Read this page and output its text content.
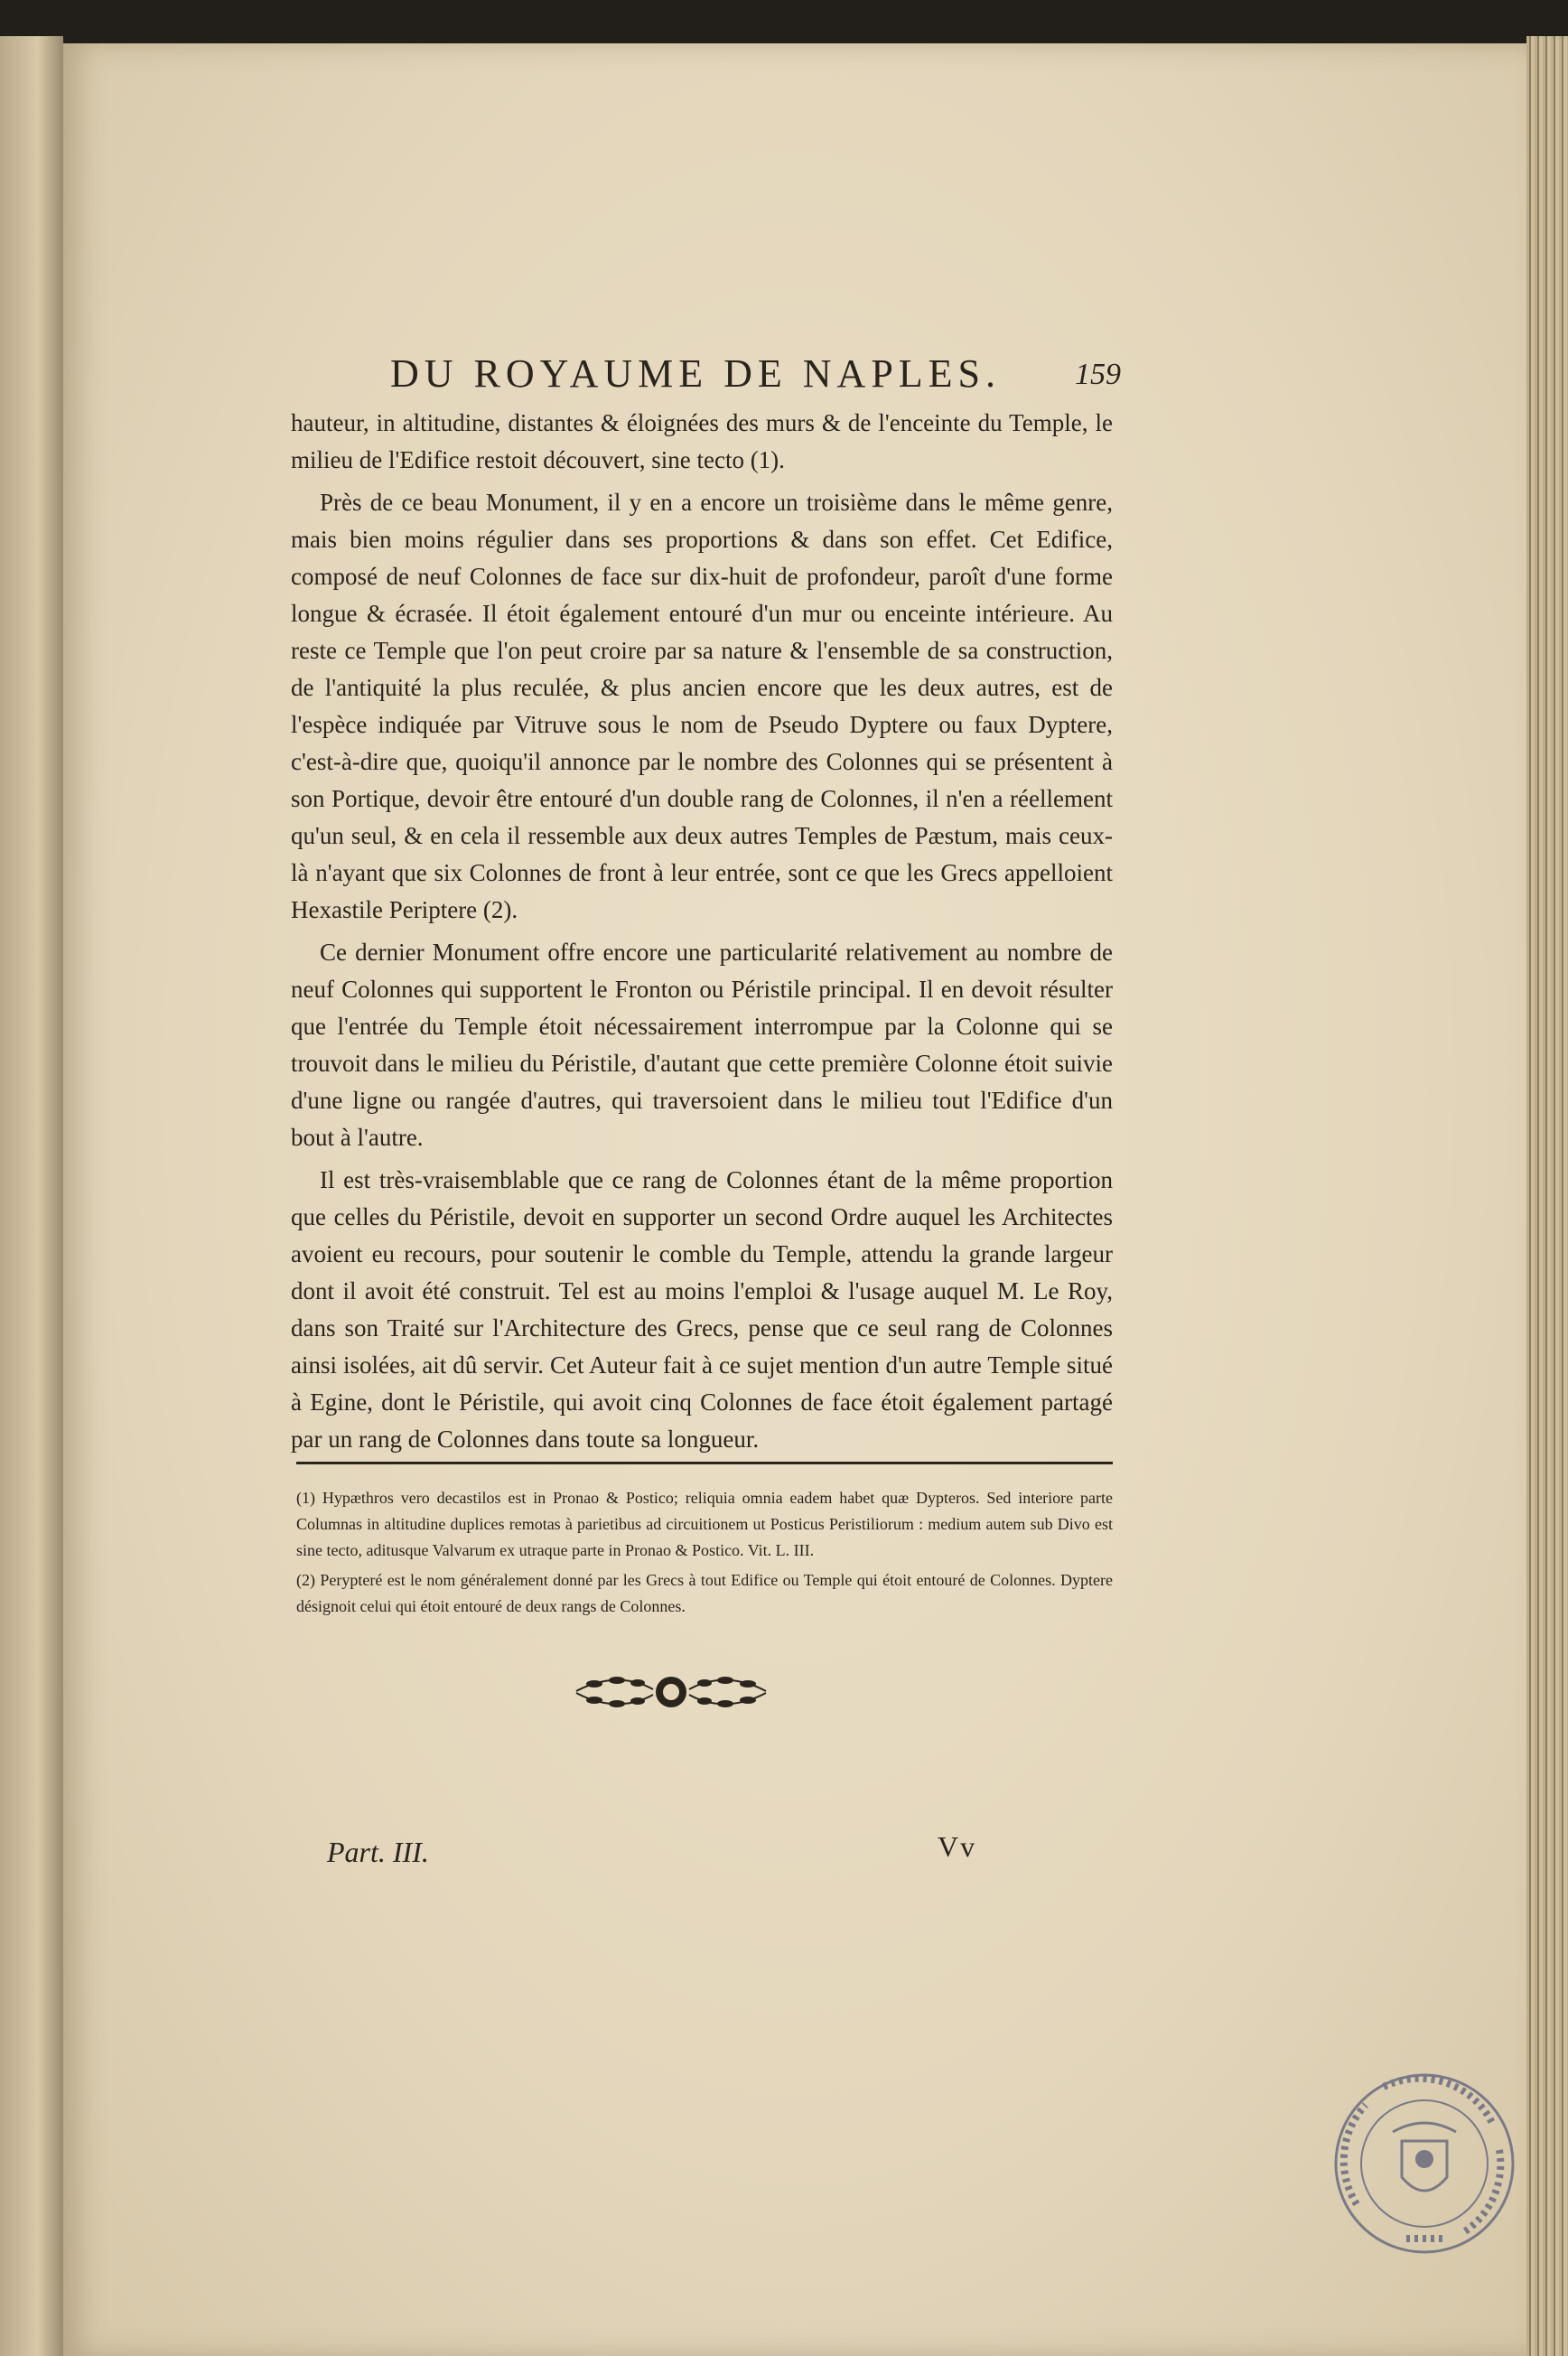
DU ROYAUME DE NAPLES. 159

hauteur, in altitudine, distantes & éloignées des murs & de l'enceinte du Temple, le milieu de l'Edifice restoit découvert, sine tecto (1).

Près de ce beau Monument, il y en a encore un troisième dans le même genre, mais bien moins régulier dans ses proportions & dans son effet. Cet Edifice, composé de neuf Colonnes de face sur dix-huit de profondeur, paroît d'une forme longue & écrasée. Il étoit également entouré d'un mur ou enceinte intérieure. Au reste ce Temple que l'on peut croire par sa nature & l'ensemble de sa construction, de l'antiquité la plus reculée, & plus ancien encore que les deux autres, est de l'espèce indiquée par Vitruve sous le nom de Pseudo Dyptere ou faux Dyptere, c'est-à-dire que, quoiqu'il annonce par le nombre des Colonnes qui se présentent à son Portique, devoir être entouré d'un double rang de Colonnes, il n'en a réellement qu'un seul, & en cela il ressemble aux deux autres Temples de Pæstum, mais ceux-là n'ayant que six Colonnes de front à leur entrée, sont ce que les Grecs appelloient Hexastile Periptere (2).

Ce dernier Monument offre encore une particularité relativement au nombre de neuf Colonnes qui supportent le Fronton ou Péristile principal. Il en devoit résulter que l'entrée du Temple étoit nécessairement interrompue par la Colonne qui se trouvoit dans le milieu du Péristile, d'autant que cette première Colonne étoit suivie d'une ligne ou rangée d'autres, qui traversoient dans le milieu tout l'Edifice d'un bout à l'autre.

Il est très-vraisemblable que ce rang de Colonnes étant de la même proportion que celles du Péristile, devoit en supporter un second Ordre auquel les Architectes avoient eu recours, pour soutenir le comble du Temple, attendu la grande largeur dont il avoit été construit. Tel est au moins l'emploi & l'usage auquel M. Le Roy, dans son Traité sur l'Architecture des Grecs, pense que ce seul rang de Colonnes ainsi isolées, ait dû servir. Cet Auteur fait à ce sujet mention d'un autre Temple situé à Egine, dont le Péristile, qui avoit cinq Colonnes de face étoit également partagé par un rang de Colonnes dans toute sa longueur.

(1) Hypæthros vero decastilos est in Pronao & Postico; reliquia omnia eadem habet quæ Dypteros. Sed interiore parte Columnas in altitudine duplices remotas à parietibus ad circuitionem ut Posticus Peristiliorum : medium autem sub Divo est sine tecto, aditusque Valvarum ex utraque parte in Pronao & Postico. Vit. L. III.

(2) Perypteré est le nom généralement donné par les Grecs à tout Edifice ou Temple qui étoit entouré de Colonnes. Dyptere désignoit celui qui étoit entouré de deux rangs de Colonnes.

Part. III.	Vv
